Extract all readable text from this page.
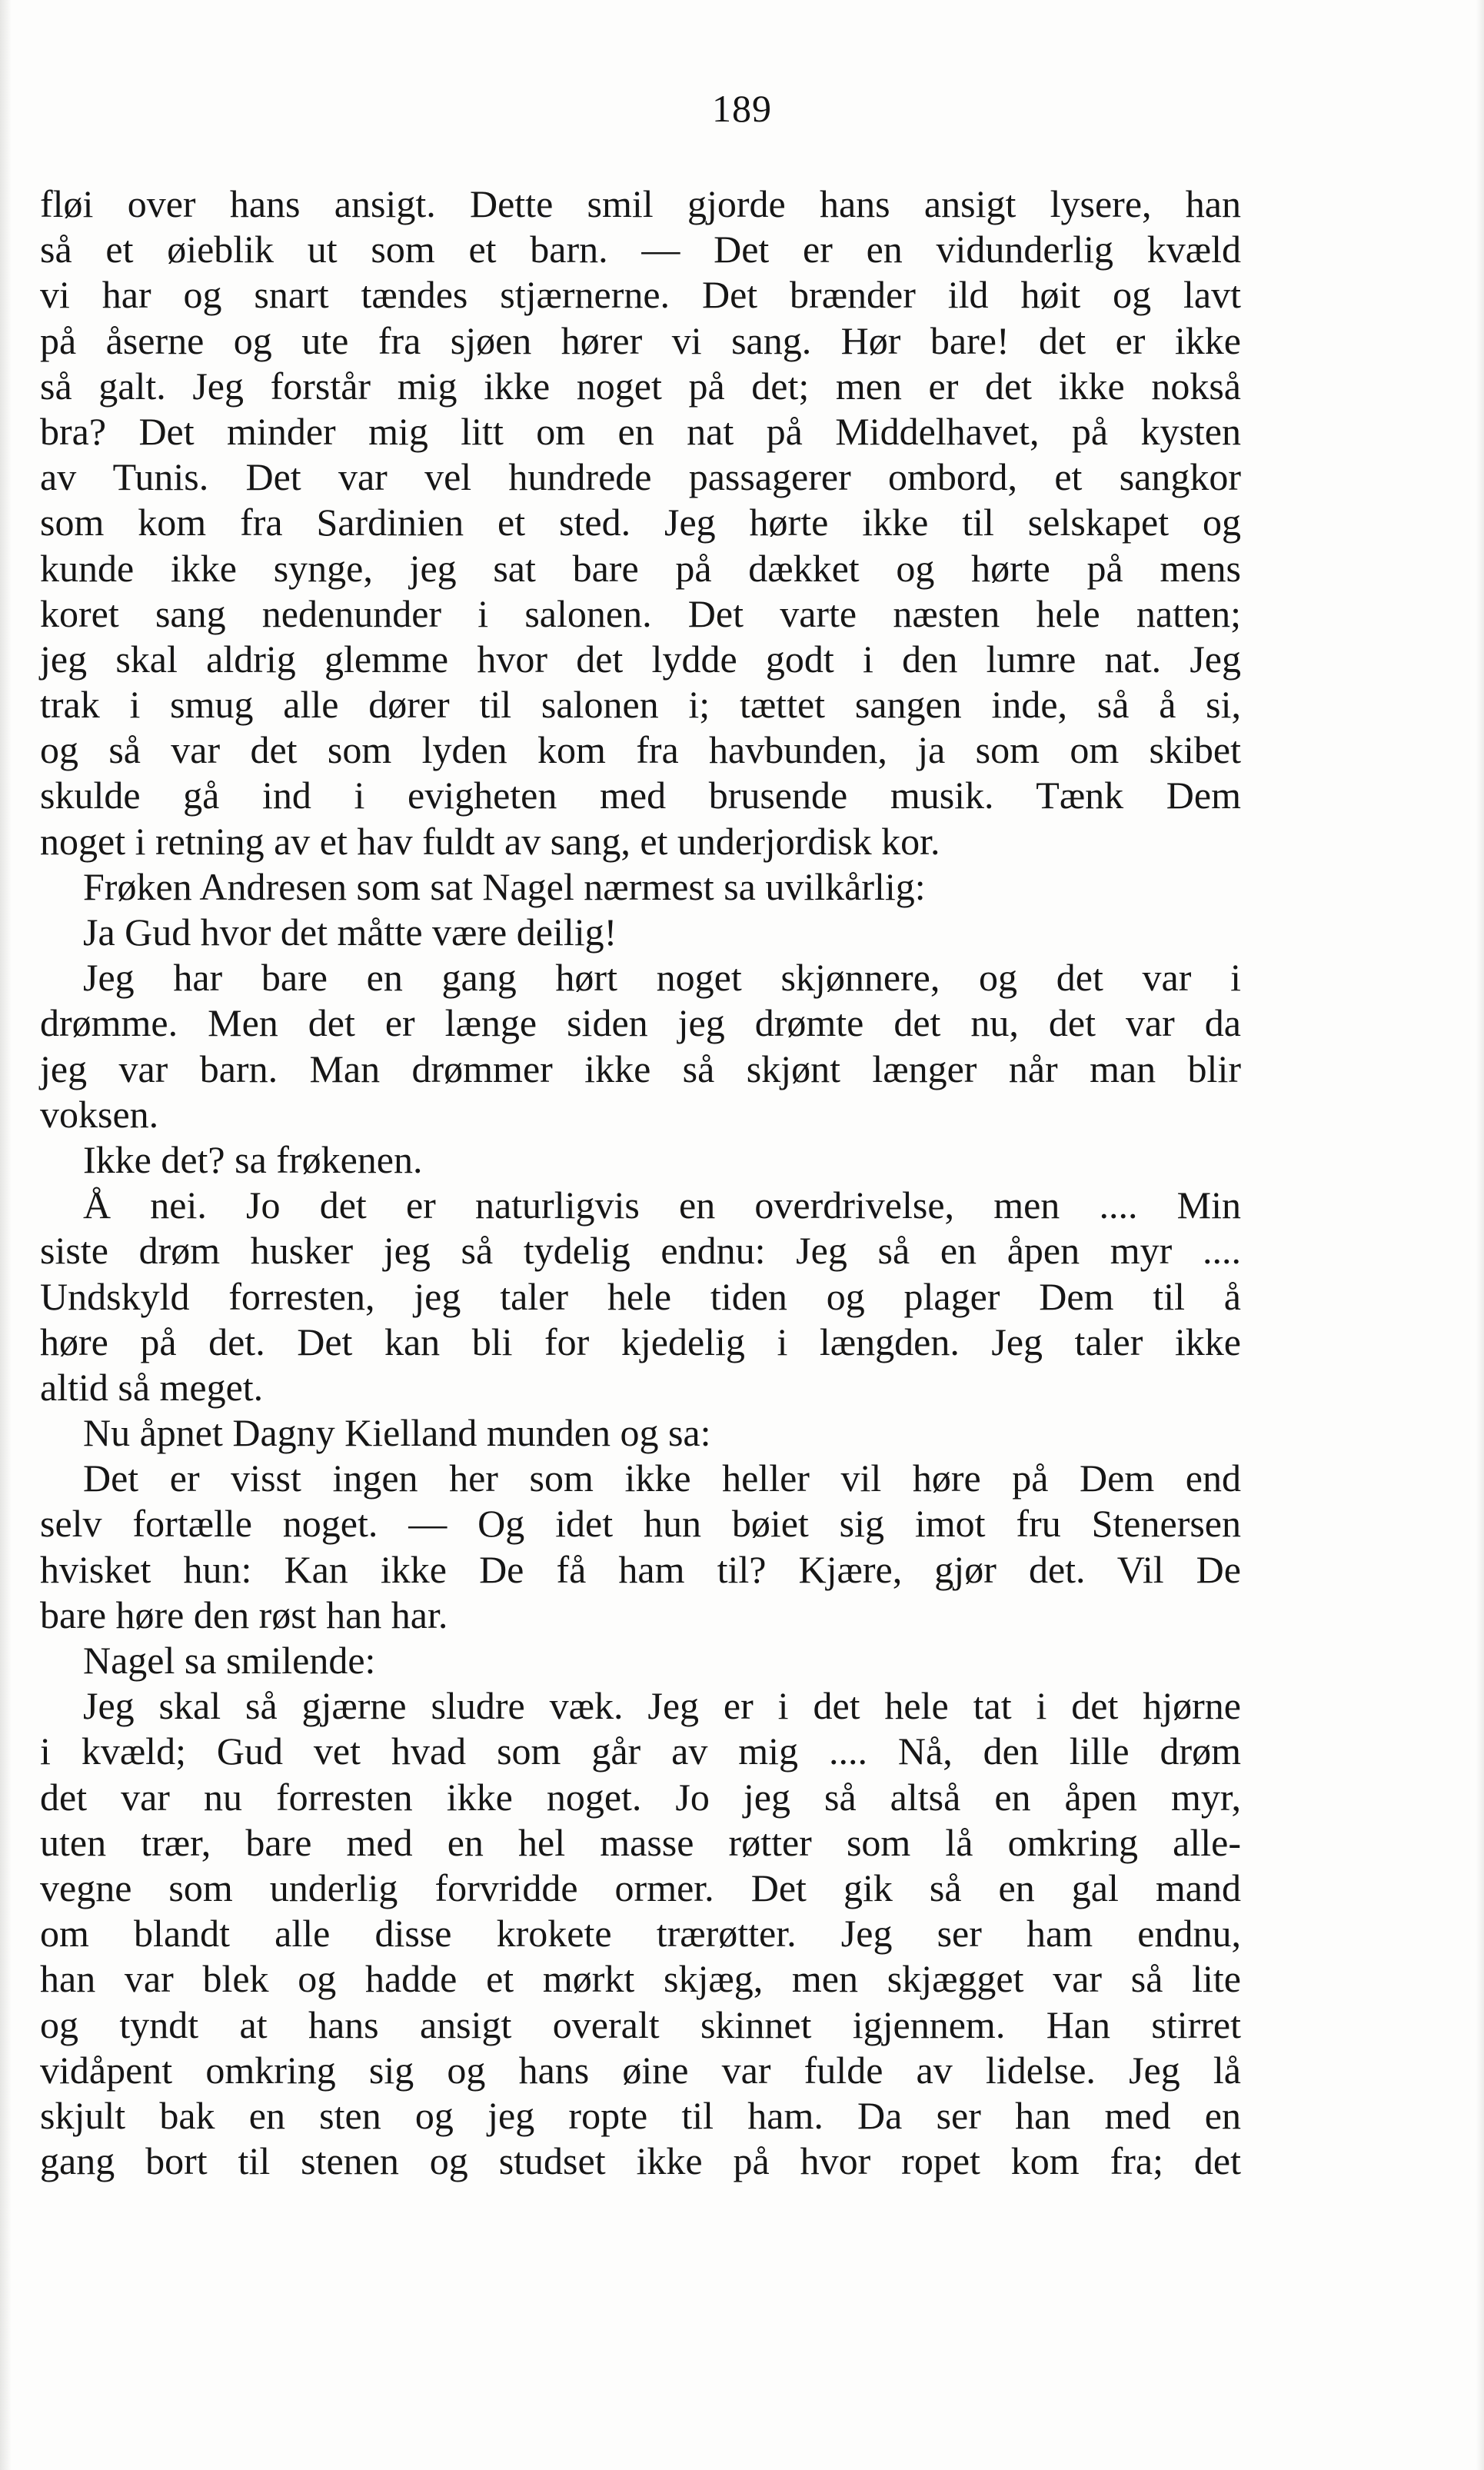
189
fløi over hans ansigt. Dette smil gjorde hans ansigt lysere, han
så et øieblik ut som et barn. — Det er en vidunderlig kvæld
vi har og snart tændes stjærnerne. Det brænder ild høit og lavt
på åserne og ute fra sjøen hører vi sang. Hør bare! det er ikke
så galt. Jeg forstår mig ikke noget på det; men er det ikke nokså
bra? Det minder mig litt om en nat på Middelhavet, på kysten
av Tunis. Det var vel hundrede passagerer ombord, et sangkor
som kom fra Sardinien et sted. Jeg hørte ikke til selskapet og
kunde ikke synge, jeg sat bare på dækket og hørte på mens
koret sang nedenunder i salonen. Det varte næsten hele natten;
jeg skal aldrig glemme hvor det lydde godt i den lumre nat. Jeg
trak i smug alle dører til salonen i; tættet sangen inde, så å si,
og så var det som lyden kom fra havbunden, ja som om skibet
skulde gå ind i evigheten med brusende musik. Tænk Dem
noget i retning av et hav fuldt av sang, et underjordisk kor.
Frøken Andresen som sat Nagel nærmest sa uvilkårlig:
Ja Gud hvor det måtte være deilig!
Jeg har bare en gang hørt noget skjønnere, og det var i
drømme. Men det er længe siden jeg drømte det nu, det var da
jeg var barn. Man drømmer ikke så skjønt længer når man blir
voksen.
Ikke det? sa frøkenen.
Å nei. Jo det er naturligvis en overdrivelse, men .... Min
siste drøm husker jeg så tydelig endnu: Jeg så en åpen myr ....
Undskyld forresten, jeg taler hele tiden og plager Dem til å
høre på det. Det kan bli for kjedelig i længden. Jeg taler ikke
altid så meget.
Nu åpnet Dagny Kielland munden og sa:
Det er visst ingen her som ikke heller vil høre på Dem end
selv fortælle noget. — Og idet hun bøiet sig imot fru Stenersen
hvisket hun: Kan ikke De få ham til? Kjære, gjør det. Vil De
bare høre den røst han har.
Nagel sa smilende:
Jeg skal så gjærne sludre væk. Jeg er i det hele tat i det hjørne
i kvæld; Gud vet hvad som går av mig .... Nå, den lille drøm
det var nu forresten ikke noget. Jo jeg så altså en åpen myr,
uten trær, bare med en hel masse røtter som lå omkring alle-
vegne som underlig forvridde ormer. Det gik så en gal mand
om blandt alle disse krokete trærøtter. Jeg ser ham endnu,
han var blek og hadde et mørkt skjæg, men skjægget var så lite
og tyndt at hans ansigt overalt skinnet igjennem. Han stirret
vidåpent omkring sig og hans øine var fulde av lidelse. Jeg lå
skjult bak en sten og jeg ropte til ham. Da ser han med en
gang bort til stenen og studset ikke på hvor ropet kom fra; det
